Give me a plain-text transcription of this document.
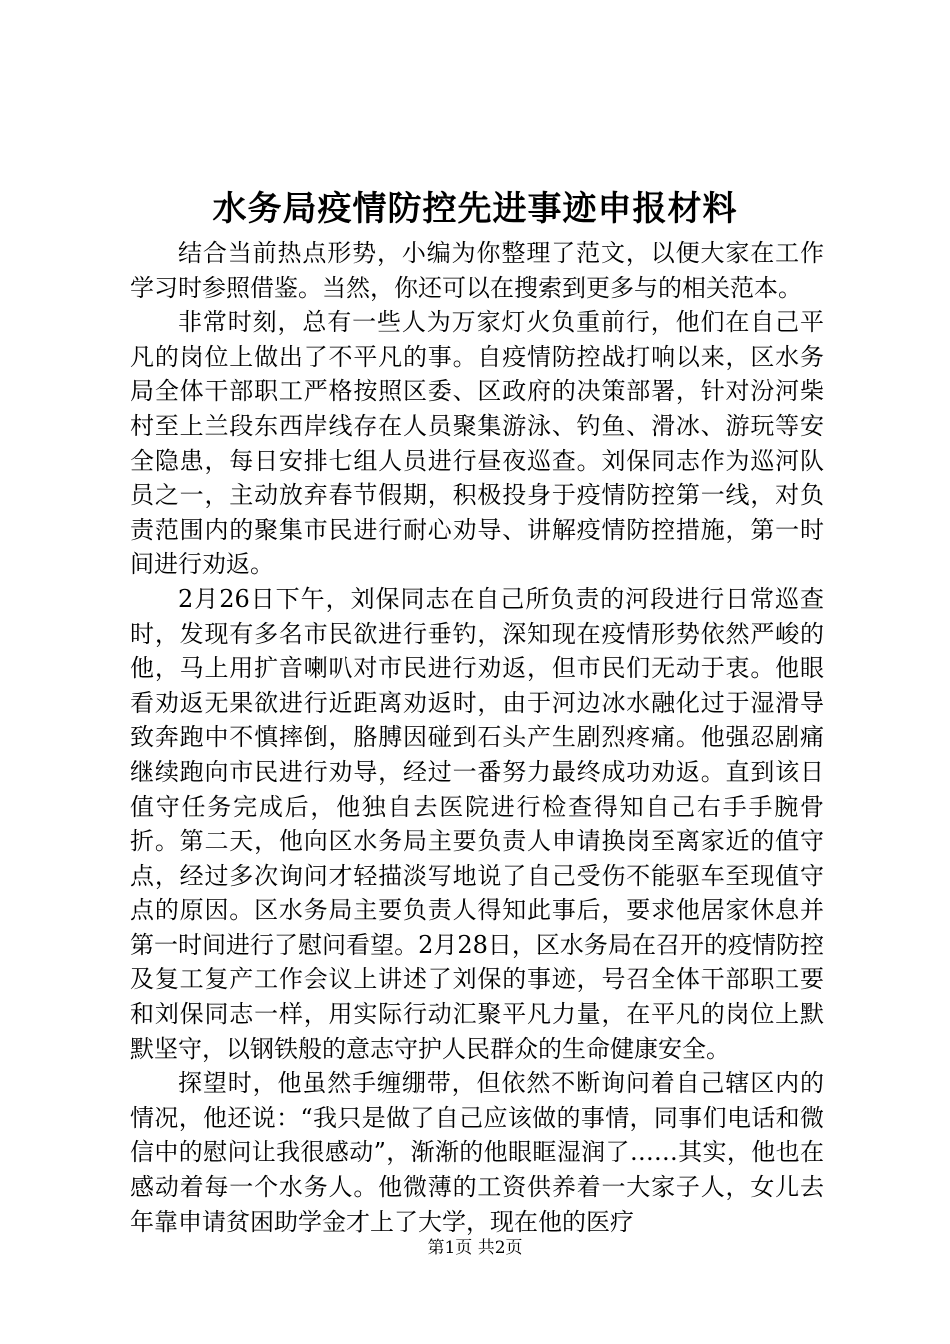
水务局疫情防控先进事迹申报材料

结合当前热点形势，小编为你整理了范文，以便大家在工作学习时参照借鉴。当然，你还可以在搜索到更多与的相关范本。

非常时刻，总有一些人为万家灯火负重前行，他们在自己平凡的岗位上做出了不平凡的事。自疫情防控战打响以来，区水务局全体干部职工严格按照区委、区政府的决策部署，针对汾河柴村至上兰段东西岸线存在人员聚集游泳、钓鱼、滑冰、游玩等安全隐患，每日安排七组人员进行昼夜巡查。刘保同志作为巡河队员之一，主动放弃春节假期，积极投身于疫情防控第一线，对负责范围内的聚集市民进行耐心劝导、讲解疫情防控措施，第一时间进行劝返。

2月26日下午，刘保同志在自己所负责的河段进行日常巡查时，发现有多名市民欲进行垂钓，深知现在疫情形势依然严峻的他，马上用扩音喇叭对市民进行劝返，但市民们无动于衷。他眼看劝返无果欲进行近距离劝返时，由于河边冰水融化过于湿滑导致奔跑中不慎摔倒，胳膊因碰到石头产生剧烈疼痛。他强忍剧痛继续跑向市民进行劝导，经过一番努力最终成功劝返。直到该日值守任务完成后，他独自去医院进行检查得知自己右手手腕骨折。第二天，他向区水务局主要负责人申请换岗至离家近的值守点，经过多次询问才轻描淡写地说了自己受伤不能驱车至现值守点的原因。区水务局主要负责人得知此事后，要求他居家休息并第一时间进行了慰问看望。2月28日，区水务局在召开的疫情防控及复工复产工作会议上讲述了刘保的事迹，号召全体干部职工要和刘保同志一样，用实际行动汇聚平凡力量，在平凡的岗位上默默坚守，以钢铁般的意志守护人民群众的生命健康安全。

探望时，他虽然手缠绷带，但依然不断询问着自己辖区内的情况，他还说：“我只是做了自己应该做的事情，同事们电话和微信中的慰问让我很感动”，渐渐的他眼眶湿润了……其实，他也在感动着每一个水务人。他微薄的工资供养着一大家子人，女儿去年靠申请贫困助学金才上了大学，现在他的医疗

第1页 共2页
